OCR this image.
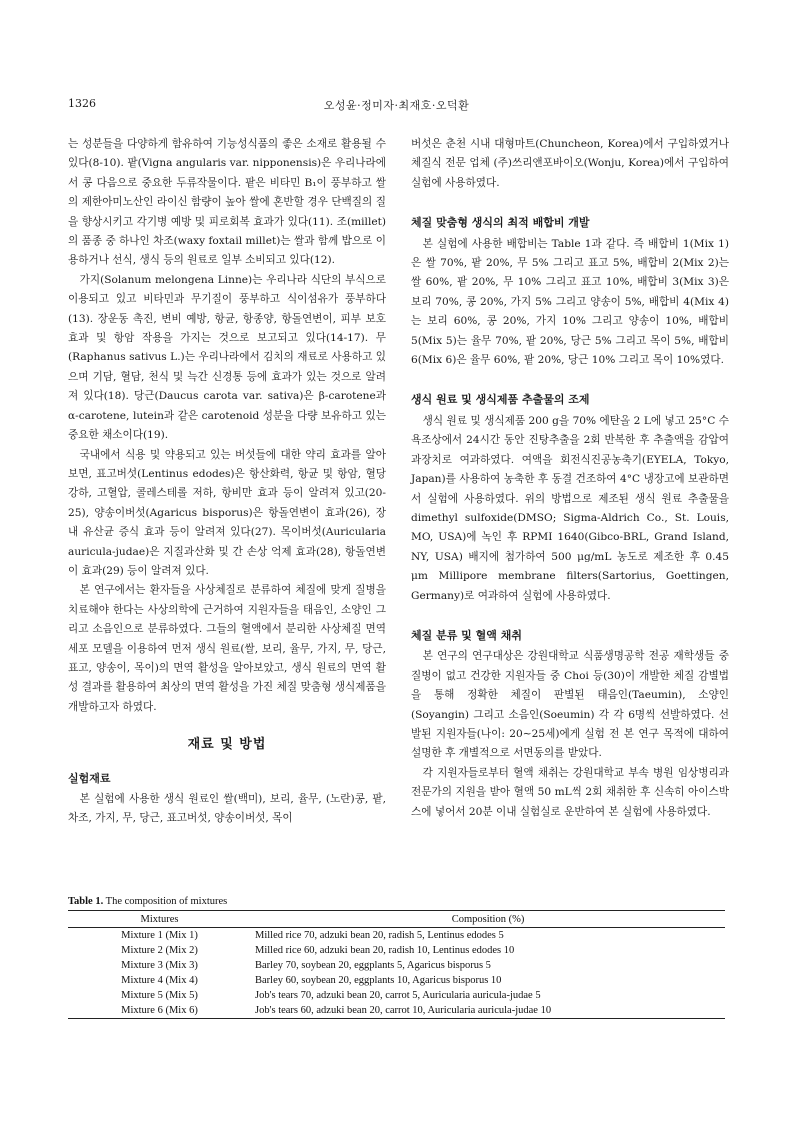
1326	오성윤·정미자·최재호·오덕환

는 성분들을 다양하게 함유하여 기능성식품의 좋은 소재로 활용될 수 있다(8-10). 팥(Vigna angularis var. nipponensis)은 우리나라에서 콩 다음으로 중요한 두류작물이다. 팥은 비타민 B₁이 풍부하고 쌀의 제한아미노산인 라이신 함량이 높아 쌀에 혼반할 경우 단백질의 질을 향상시키고 각기병 예방 및 피로회복 효과가 있다(11). 조(millet)의 품종 중 하나인 차조(waxy foxtail millet)는 쌀과 함께 밥으로 이용하거나 선식, 생식 등의 원료로 일부 소비되고 있다(12).

가지(Solanum melongena Linne)는 우리나라 식단의 부식으로 이용되고 있고 비타민과 무기질이 풍부하고 식이섬유가 풍부하다(13). 장운동 촉진, 변비 예방, 항균, 항종양, 항돌연변이, 피부 보호 효과 및 항암 작용을 가지는 것으로 보고되고 있다(14-17). 무(Raphanus sativus L.)는 우리나라에서 김치의 재료로 사용하고 있으며 기담, 혈담, 천식 및 늑간 신경통 등에 효과가 있는 것으로 알려져 있다(18). 당근(Daucus carota var. sativa)은 β-carotene과 α-carotene, lutein과 같은 carotenoid 성분을 다량 보유하고 있는 중요한 채소이다(19).

국내에서 식용 및 약용되고 있는 버섯들에 대한 약리 효과를 알아보면, 표고버섯(Lentinus edodes)은 항산화력, 항균 및 항암, 혈당 강하, 고혈압, 콜레스테롤 저하, 항비만 효과 등이 알려져 있고(20-25), 양송이버섯(Agaricus bisporus)은 항돌연변이 효과(26), 장내 유산균 증식 효과 등이 알려져 있다(27). 목이버섯(Auricularia auricula-judae)은 지질과산화 및 간 손상 억제 효과(28), 항돌연변이 효과(29) 등이 알려져 있다.

본 연구에서는 환자들을 사상체질로 분류하여 체질에 맞게 질병을 치료해야 한다는 사상의학에 근거하여 지원자들을 태음인, 소양인 그리고 소음인으로 분류하였다. 그들의 혈액에서 분리한 사상체질 면역세포 모델을 이용하여 먼저 생식 원료(쌀, 보리, 율무, 가지, 무, 당근, 표고, 양송이, 목이)의 면역 활성을 알아보았고, 생식 원료의 면역 활성 결과를 활용하여 최상의 면역 활성을 가진 체질 맞춤형 생식제품을 개발하고자 하였다.

재료 및 방법
실험재료

본 실험에 사용한 생식 원료인 쌀(백미), 보리, 율무, (노란)콩, 팥, 차조, 가지, 무, 당근, 표고버섯, 양송이버섯, 목이

버섯은 춘천 시내 대형마트(Chuncheon, Korea)에서 구입하였거나 체질식 전문 업체 (주)쓰리앤포바이오(Wonju, Korea)에서 구입하여 실험에 사용하였다.

체질 맞춤형 생식의 최적 배합비 개발

본 실험에 사용한 배합비는 Table 1과 같다. 즉 배합비 1(Mix 1)은 쌀 70%, 팥 20%, 무 5% 그리고 표고 5%, 배합비 2(Mix 2)는 쌀 60%, 팥 20%, 무 10% 그리고 표고 10%, 배합비 3(Mix 3)은 보리 70%, 콩 20%, 가지 5% 그리고 양송이 5%, 배합비 4(Mix 4)는 보리 60%, 콩 20%, 가지 10% 그리고 양송이 10%, 배합비 5(Mix 5)는 율무 70%, 팥 20%, 당근 5% 그리고 목이 5%, 배합비 6(Mix 6)은 율무 60%, 팥 20%, 당근 10% 그리고 목이 10%였다.

생식 원료 및 생식제품 추출물의 조제

생식 원료 및 생식제품 200 g을 70% 에탄올 2 L에 넣고 25°C 수욕조상에서 24시간 동안 진탕추출을 2회 반복한 후 추출액을 감압여과장치로 여과하였다. 여액을 회전식진공농축기(EYELA, Tokyo, Japan)를 사용하여 농축한 후 동결 건조하여 4°C 냉장고에 보관하면서 실험에 사용하였다. 위의 방법으로 제조된 생식 원료 추출물을 dimethyl sulfoxide(DMSO; Sigma-Aldrich Co., St. Louis, MO, USA)에 녹인 후 RPMI 1640(Gibco-BRL, Grand Island, NY, USA) 배지에 첨가하여 500 μg/mL 농도로 제조한 후 0.45 μm Millipore membrane filters(Sartorius, Goettingen, Germany)로 여과하여 실험에 사용하였다.

체질 분류 및 혈액 채취

본 연구의 연구대상은 강원대학교 식품생명공학 전공 재학생들 중 질병이 없고 건강한 지원자들 중 Choi 등(30)이 개발한 체질 감별법을 통해 정확한 체질이 판별된 태음인(Taeumin), 소양인(Soyangin) 그리고 소음인(Soeumin) 각 각 6명씩 선발하였다. 선발된 지원자들(나이: 20∼25세)에게 실험 전 본 연구 목적에 대하여 설명한 후 개별적으로 서면동의를 받았다.

각 지원자들로부터 혈액 채취는 강원대학교 부속 병원 임상병리과 전문가의 지원을 받아 혈액 50 mL씩 2회 채취한 후 신속히 아이스박스에 넣어서 20분 이내 실험실로 운반하여 본 실험에 사용하였다.

Table 1. The composition of mixtures
Mixtures	Composition (%)
Mixture 1 (Mix 1)	Milled rice 70, adzuki bean 20, radish 5, Lentinus edodes 5
Mixture 2 (Mix 2)	Milled rice 60, adzuki bean 20, radish 10, Lentinus edodes 10
Mixture 3 (Mix 3)	Barley 70, soybean 20, eggplants 5, Agaricus bisporus 5
Mixture 4 (Mix 4)	Barley 60, soybean 20, eggplants 10, Agaricus bisporus 10
Mixture 5 (Mix 5)	Job's tears 70, adzuki bean 20, carrot 5, Auricularia auricula-judae 5
Mixture 6 (Mix 6)	Job's tears 60, adzuki bean 20, carrot 10, Auricularia auricula-judae 10
